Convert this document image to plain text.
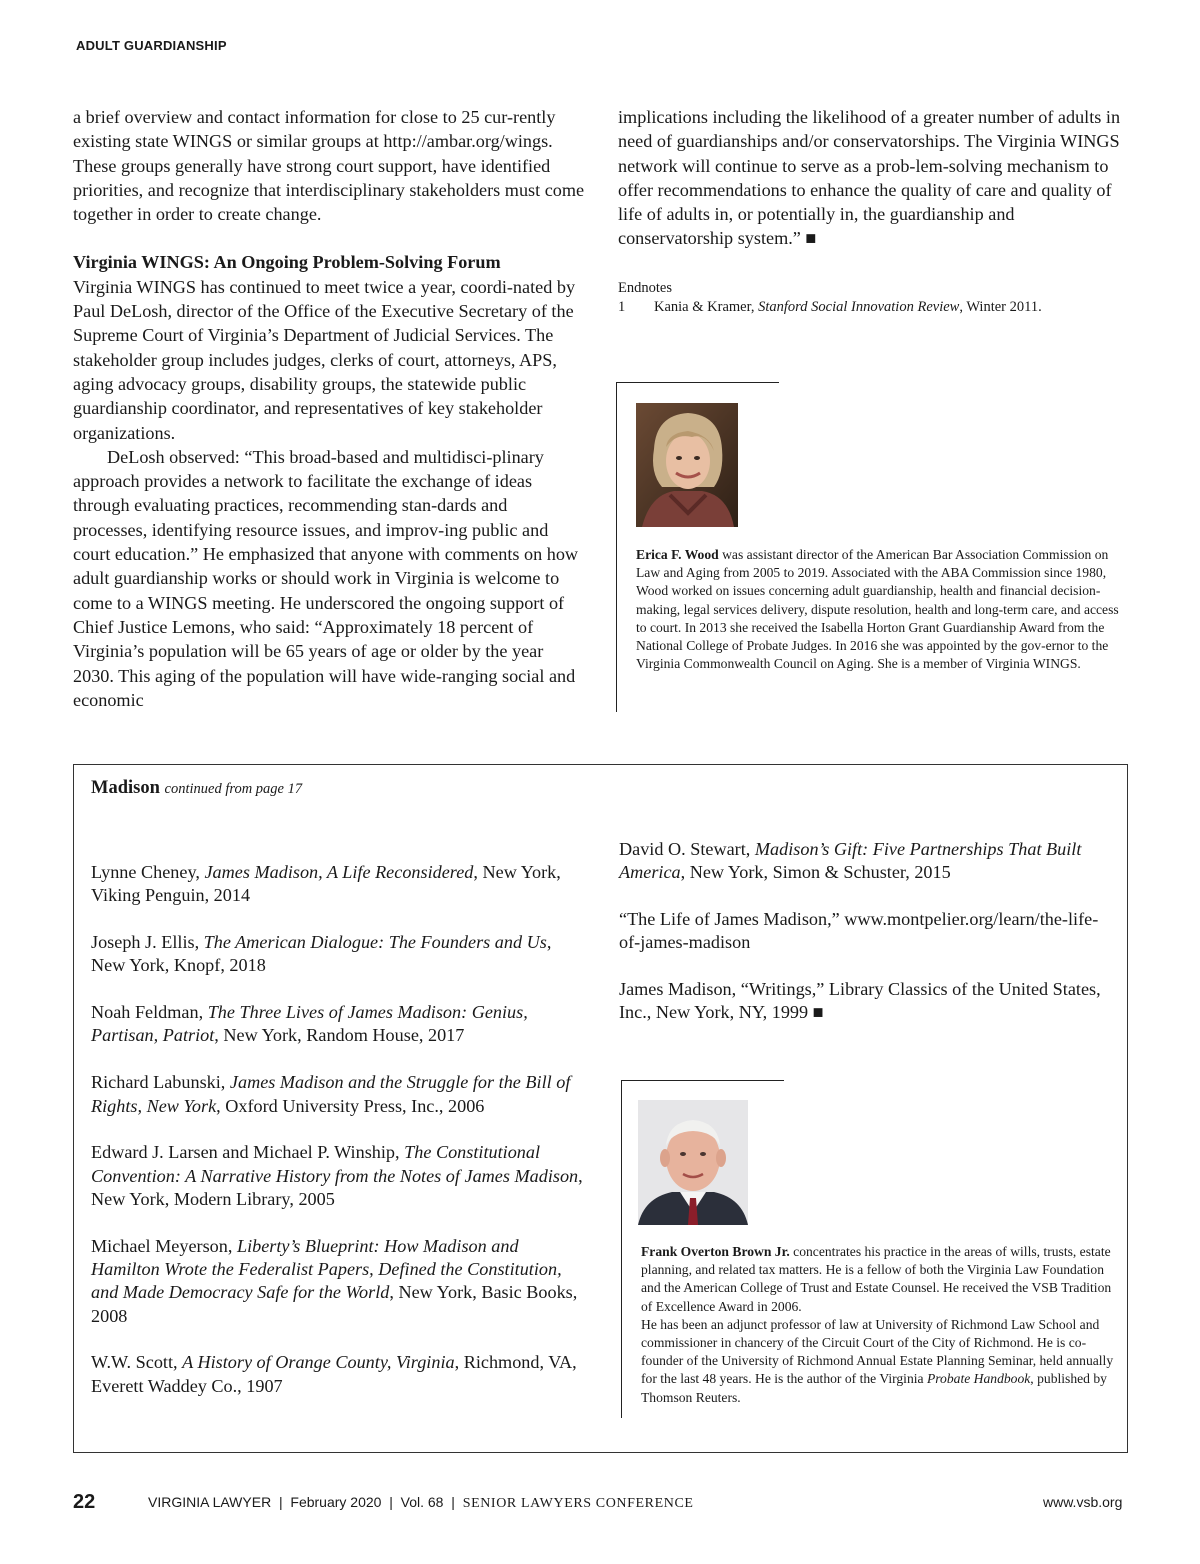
ADULT GUARDIANSHIP

a brief overview and contact information for close to 25 cur-rently existing state WINGS or similar groups at http://ambar.org/wings. These groups generally have strong court support, have identified priorities, and recognize that interdisciplinary stakeholders must come together in order to create change.

Virginia WINGS: An Ongoing Problem-Solving Forum

Virginia WINGS has continued to meet twice a year, coordi-nated by Paul DeLosh, director of the Office of the Executive Secretary of the Supreme Court of Virginia’s Department of Judicial Services. The stakeholder group includes judges, clerks of court, attorneys, APS, aging advocacy groups, disability groups, the statewide public guardianship coordinator, and representatives of key stakeholder organizations.

DeLosh observed: “This broad-based and multidisci-plinary approach provides a network to facilitate the exchange of ideas through evaluating practices, recommending stan-dards and processes, identifying resource issues, and improv-ing public and court education.” He emphasized that anyone with comments on how adult guardianship works or should work in Virginia is welcome to come to a WINGS meeting. He underscored the ongoing support of Chief Justice Lemons, who said: “Approximately 18 percent of Virginia’s population will be 65 years of age or older by the year 2030. This aging of the population will have wide-ranging social and economic

implications including the likelihood of a greater number of adults in need of guardianships and/or conservatorships. The Virginia WINGS network will continue to serve as a prob-lem-solving mechanism to offer recommendations to enhance the quality of care and quality of life of adults in, or potentially in, the guardianship and conservatorship system.” ■

Endnotes
1	Kania & Kramer, Stanford Social Innovation Review, Winter 2011.

Erica F. Wood was assistant director of the American Bar Association Commission on Law and Aging from 2005 to 2019. Associated with the ABA Commission since 1980, Wood worked on issues concerning adult guardianship, health and financial decision-making, legal services delivery, dispute resolution, health and long-term care, and access to court. In 2013 she received the Isabella Horton Grant Guardianship Award from the National College of Probate Judges. In 2016 she was appointed by the gov-ernor to the Virginia Commonwealth Council on Aging. She is a member of Virginia WINGS.

Madison continued from page 17

Lynne Cheney, James Madison, A Life Reconsidered, New York, Viking Penguin, 2014

Joseph J. Ellis, The American Dialogue: The Founders and Us, New York, Knopf, 2018

Noah Feldman, The Three Lives of James Madison: Genius, Partisan, Patriot, New York, Random House, 2017

Richard Labunski, James Madison and the Struggle for the Bill of Rights, New York, Oxford University Press, Inc., 2006

Edward J. Larsen and Michael P. Winship, The Constitutional Convention: A Narrative History from the Notes of James Madison, New York, Modern Library, 2005

Michael Meyerson, Liberty’s Blueprint: How Madison and Hamilton Wrote the Federalist Papers, Defined the Constitution, and Made Democracy Safe for the World, New York, Basic Books, 2008

W.W. Scott, A History of Orange County, Virginia, Richmond, VA, Everett Waddey Co., 1907

David O. Stewart, Madison’s Gift: Five Partnerships That Built America, New York, Simon & Schuster, 2015

“The Life of James Madison,” www.montpelier.org/learn/the-life-of-james-madison

James Madison, “Writings,” Library Classics of the United States, Inc., New York, NY, 1999 ■

Frank Overton Brown Jr. concentrates his practice in the areas of wills, trusts, estate planning, and related tax matters. He is a fellow of both the Virginia Law Foundation and the American College of Trust and Estate Counsel. He received the VSB Tradition of Excellence Award in 2006.

He has been an adjunct professor of law at University of Richmond Law School and commissioner in chancery of the Circuit Court of the City of Richmond. He is co-founder of the University of Richmond Annual Estate Planning Seminar, held annually for the last 48 years. He is the author of the Virginia Probate Handbook, published by Thomson Reuters.

22	VIRGINIA LAWYER | February 2020 | Vol. 68 | SENIOR LAWYERS CONFERENCE	www.vsb.org
